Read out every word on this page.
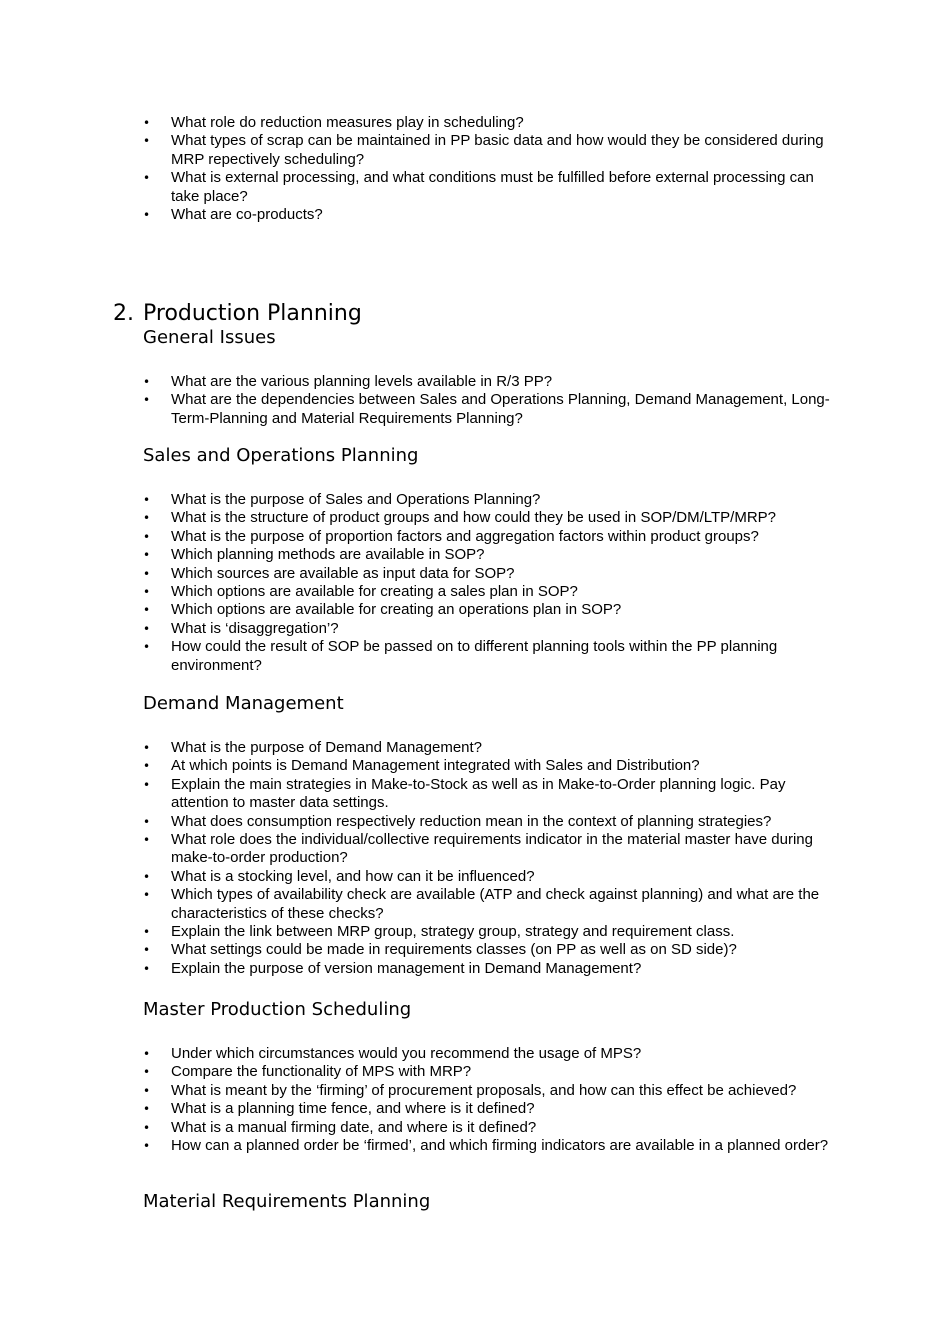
• What role do reduction measures play in scheduling?
• What types of scrap can be maintained in PP basic data and how would they be considered during MRP repectively scheduling?
• What is external processing, and what conditions must be fulfilled before external processing can take place?
• What are co-products?
2. Production Planning
General Issues
• What are the various planning levels available in R/3 PP?
• What are the dependencies between Sales and Operations Planning, Demand Management, Long-Term-Planning and Material Requirements Planning?
Sales and Operations Planning
• What is the purpose of Sales and Operations Planning?
• What is the structure of product groups and how could they be used in SOP/DM/LTP/MRP?
• What is the purpose of proportion factors and aggregation factors within product groups?
• Which planning methods are available in SOP?
• Which sources are available as input data for SOP?
• Which options are available for creating a sales plan in SOP?
• Which options are available for creating an operations plan in SOP?
• What is ‘disaggregation’?
• How could the result of SOP be passed on to different planning tools within the PP planning environment?
Demand Management
• What is the purpose of Demand Management?
• At which points is Demand Management integrated with Sales and Distribution?
• Explain the main strategies in Make-to-Stock as well as in Make-to-Order planning logic. Pay attention to master data settings.
• What does consumption respectively reduction mean in the context of planning strategies?
• What role does the individual/collective requirements indicator in the material master have during make-to-order production?
• What is a stocking level, and how can it be influenced?
• Which types of availability check are available (ATP and check against planning) and what are the characteristics of these checks?
• Explain the link between MRP group, strategy group, strategy and requirement class.
• What settings could be made in requirements classes (on PP as well as on SD side)?
• Explain the purpose of version management in Demand Management?
Master Production Scheduling
• Under which circumstances would you recommend the usage of MPS?
• Compare the functionality of MPS with MRP?
• What is meant by the ‘firming’ of procurement proposals, and how can this effect be achieved?
• What is a planning time fence, and where is it defined?
• What is a manual firming date, and where is it defined?
• How can a planned order be ‘firmed’, and which firming indicators are available in a planned order?
Material Requirements Planning
